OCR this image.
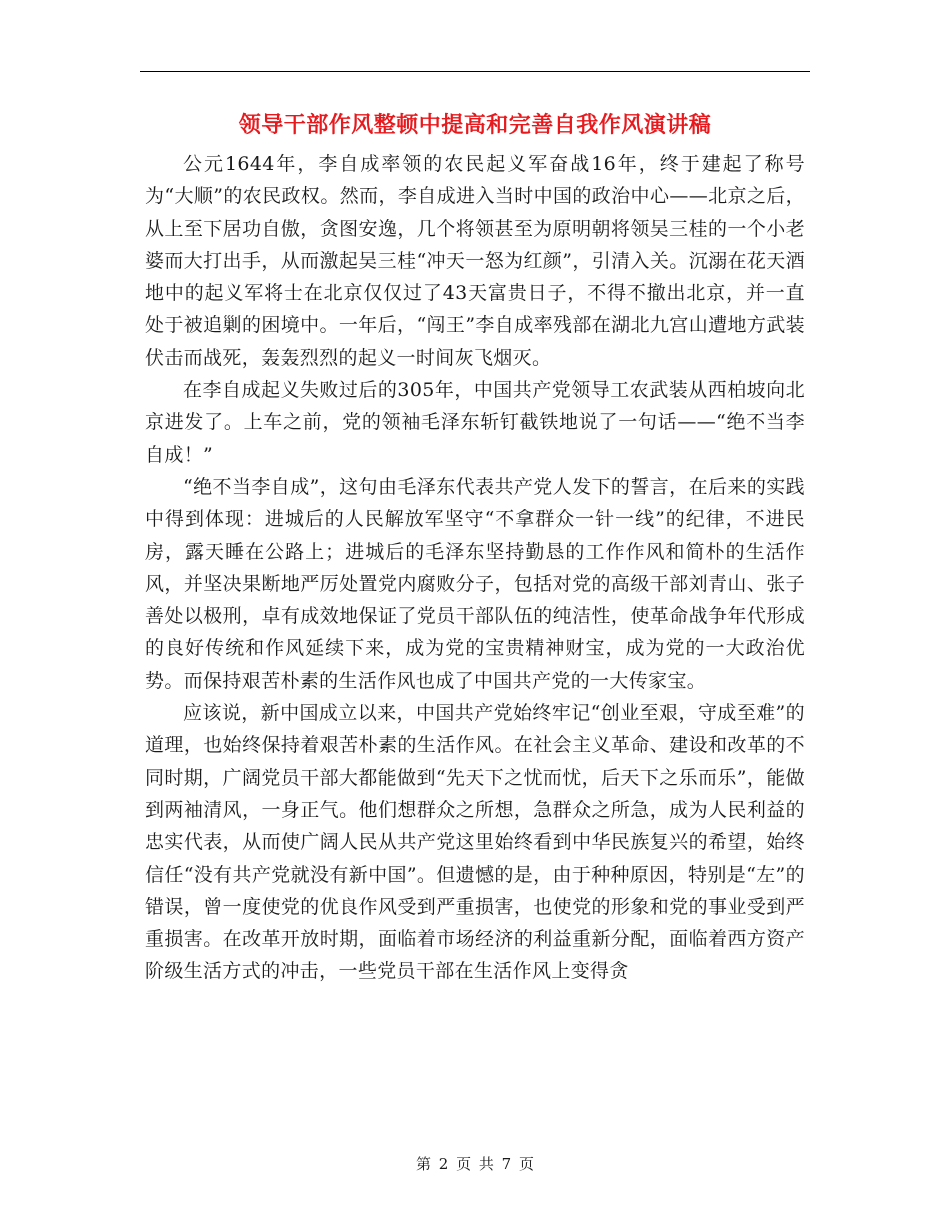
领导干部作风整顿中提高和完善自我作风演讲稿

公元1644年，李自成率领的农民起义军奋战16年，终于建起了称号为“大顺”的农民政权。然而，李自成进入当时中国的政治中心——北京之后，从上至下居功自傲，贪图安逸，几个将领甚至为原明朝将领吴三桂的一个小老婆而大打出手，从而激起吴三桂“冲天一怒为红颜”，引清入关。沉溺在花天酒地中的起义军将士在北京仅仅过了43天富贵日子，不得不撤出北京，并一直处于被追剿的困境中。一年后，“闯王”李自成率残部在湖北九宫山遭地方武装伏击而战死，轰轰烈烈的起义一时间灰飞烟灭。

在李自成起义失败过后的305年，中国共产党领导工农武装从西柏坡向北京进发了。上车之前，党的领袖毛泽东斩钉截铁地说了一句话——“绝不当李自成！”

“绝不当李自成”，这句由毛泽东代表共产党人发下的誓言，在后来的实践中得到体现：进城后的人民解放军坚守“不拿群众一针一线”的纪律，不进民房，露天睡在公路上；进城后的毛泽东坚持勤恳的工作作风和简朴的生活作风，并坚决果断地严厉处置党内腐败分子，包括对党的高级干部刘青山、张子善处以极刑，卓有成效地保证了党员干部队伍的纯洁性，使革命战争年代形成的良好传统和作风延续下来，成为党的宝贵精神财宝，成为党的一大政治优势。而保持艰苦朴素的生活作风也成了中国共产党的一大传家宝。

应该说，新中国成立以来，中国共产党始终牢记“创业至艰，守成至难”的道理，也始终保持着艰苦朴素的生活作风。在社会主义革命、建设和改革的不同时期，广阔党员干部大都能做到“先天下之忧而忧，后天下之乐而乐”，能做到两袖清风，一身正气。他们想群众之所想，急群众之所急，成为人民利益的忠实代表，从而使广阔人民从共产党这里始终看到中华民族复兴的希望，始终信任“没有共产党就没有新中国”。但遗憾的是，由于种种原因，特别是“左”的错误，曾一度使党的优良作风受到严重损害，也使党的形象和党的事业受到严重损害。在改革开放时期，面临着市场经济的利益重新分配，面临着西方资产阶级生活方式的冲击，一些党员干部在生活作风上变得贪

第 2 页 共 7 页
